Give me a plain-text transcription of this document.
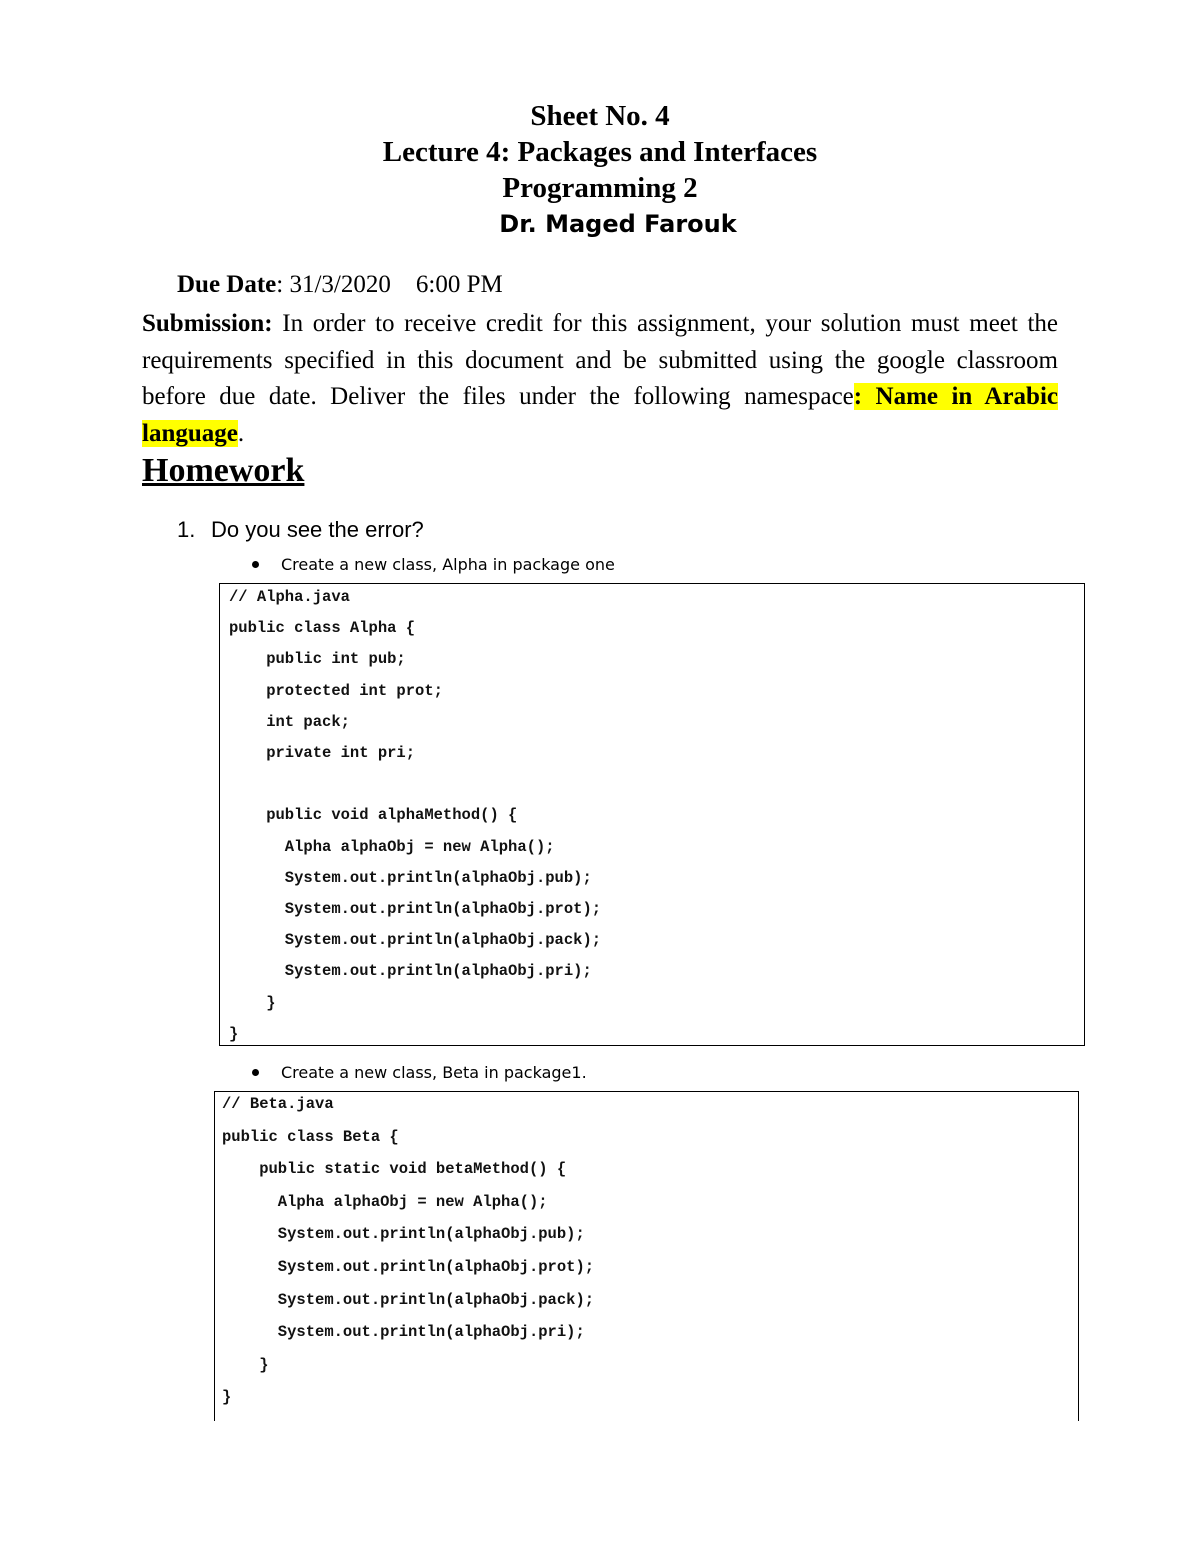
Sheet No. 4
Lecture 4: Packages and Interfaces
Programming 2
Dr. Maged Farouk
Due Date: 31/3/2020    6:00 PM
Submission: In order to receive credit for this assignment, your solution must meet the requirements specified in this document and be submitted using the google classroom before due date. Deliver the files under the following namespace: Name in Arabic language.
Homework
1. Do you see the error?
Create a new class, Alpha in package one
// Alpha.java
public class Alpha {
public int pub;
protected int prot;
int pack;
private int pri;
public void alphaMethod() {
Alpha alphaObj = new Alpha();
System.out.println(alphaObj.pub);
System.out.println(alphaObj.prot);
System.out.println(alphaObj.pack);
System.out.println(alphaObj.pri);
}
}
Create a new class, Beta in package1.
// Beta.java
public class Beta {
public static void betaMethod() {
Alpha alphaObj = new Alpha();
System.out.println(alphaObj.pub);
System.out.println(alphaObj.prot);
System.out.println(alphaObj.pack);
System.out.println(alphaObj.pri);
}
}
